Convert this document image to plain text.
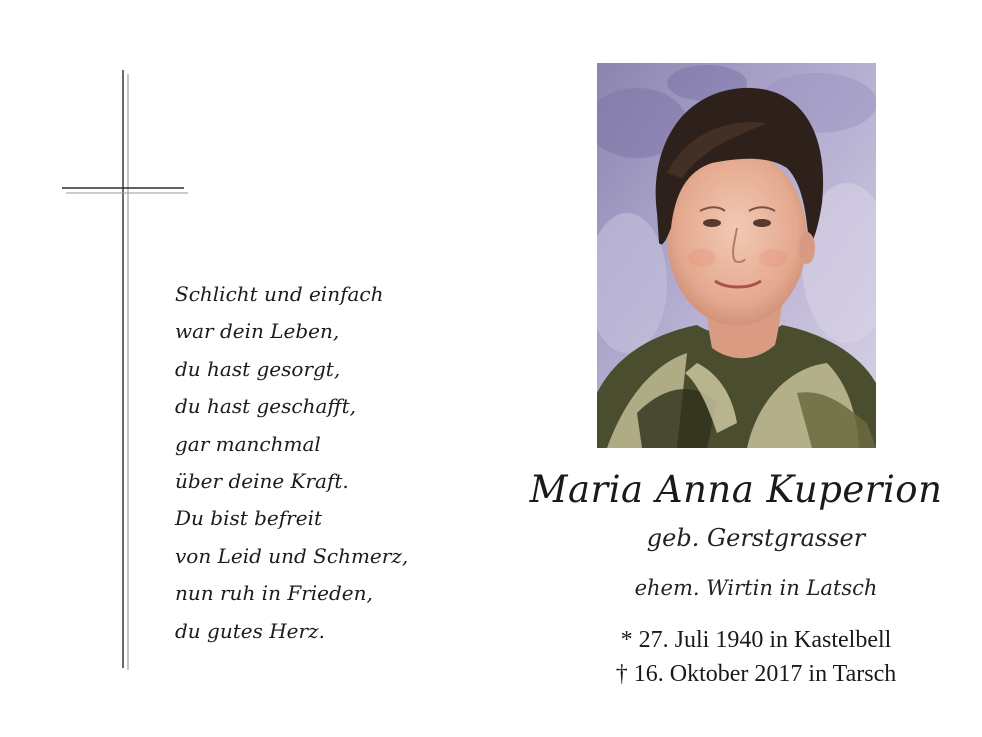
Schlicht und einfach
war dein Leben,
du hast gesorgt,
du hast geschafft,
gar manchmal
über deine Kraft.
Du bist befreit
von Leid und Schmerz,
nun ruh in Frieden,
du gutes Herz.
Maria Anna Kuperion
geb. Gerstgrasser
ehem. Wirtin in Latsch
* 27. Juli 1940 in Kastelbell
† 16. Oktober 2017 in Tarsch
